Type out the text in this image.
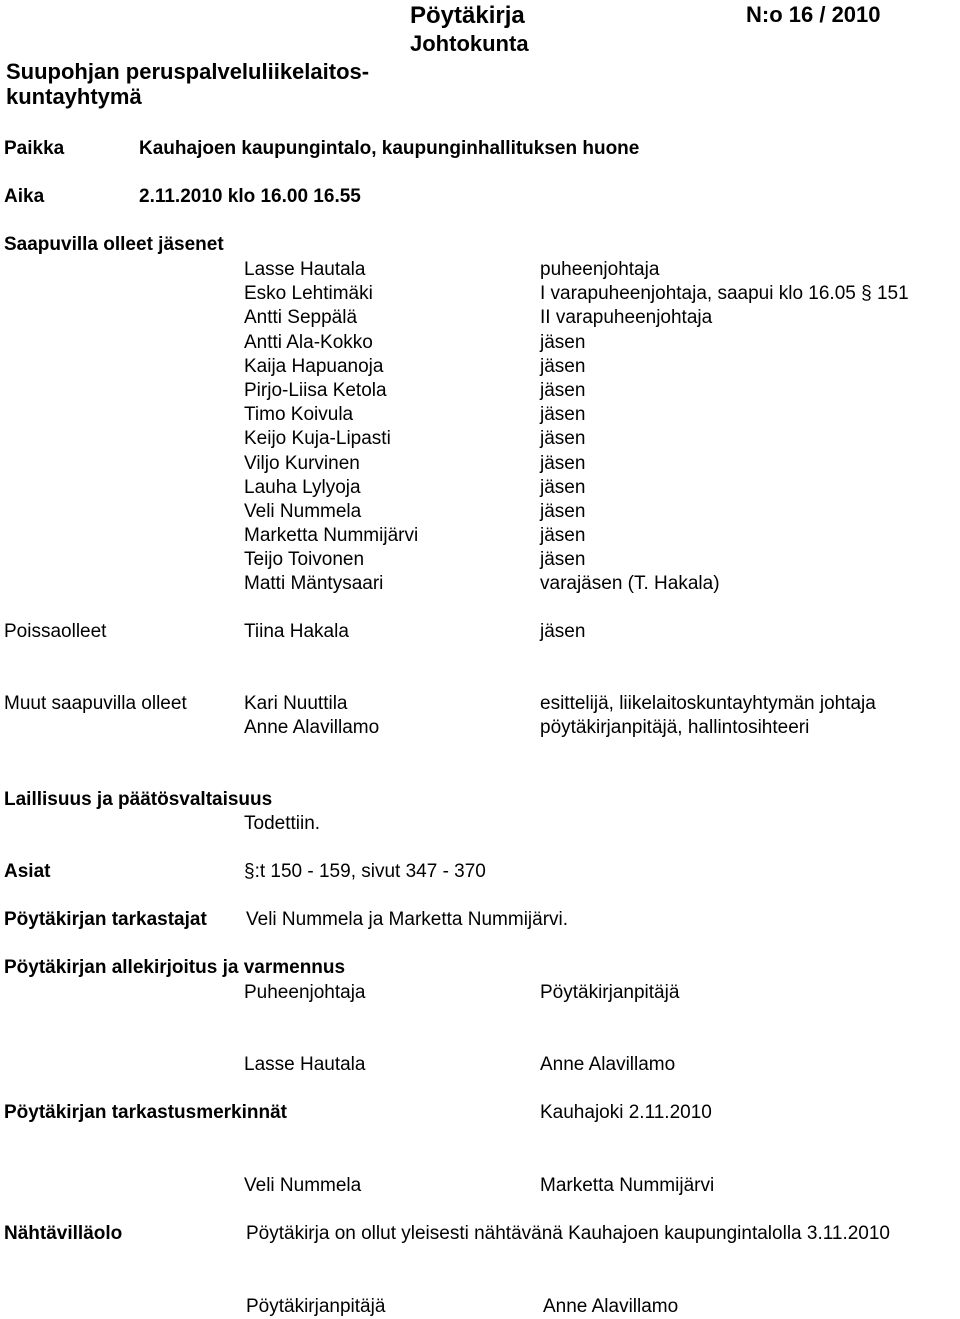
Pöytäkirja
Johtokunta
N:o 16 / 2010
Suupohjan peruspalveluliikelaitos-
kuntayhtymä
Paikka	Kauhajoen kaupungintalo, kaupunginhallituksen huone
Aika	2.11.2010 klo 16.00 16.55
Saapuvilla olleet jäsenet
Lasse Hautala	puheenjohtaja
Esko Lehtimäki	I varapuheenjohtaja, saapui klo 16.05 § 151
Antti Seppälä	II varapuheenjohtaja
Antti Ala-Kokko	jäsen
Kaija Hapuanoja	jäsen
Pirjo-Liisa Ketola	jäsen
Timo Koivula	jäsen
Keijo Kuja-Lipasti	jäsen
Viljo Kurvinen	jäsen
Lauha Lylyoja	jäsen
Veli Nummela	jäsen
Marketta Nummijärvi	jäsen
Teijo Toivonen	jäsen
Matti Mäntysaari	varajäsen (T. Hakala)
Poissaolleet	Tiina Hakala	jäsen
Muut saapuvilla olleet	Kari Nuuttila	esittelijä, liikelaitoskuntayhtymän johtaja
Anne Alavillamo	pöytäkirjanpitäjä, hallintosihteeri
Laillisuus ja päätösvaltaisuus
Todettiin.
Asiat	§:t 150 - 159, sivut 347 - 370
Pöytäkirjan tarkastajat Veli Nummela ja Marketta Nummijärvi.
Pöytäkirjan allekirjoitus ja varmennus
Puheenjohtaja	Pöytäkirjanpitäjä
Lasse Hautala	Anne Alavillamo
Pöytäkirjan tarkastusmerkinnät	Kauhajoki 2.11.2010
Veli Nummela	Marketta Nummijärvi
Nähtävilläolo	Pöytäkirja on ollut yleisesti nähtävänä Kauhajoen kaupungintalolla 3.11.2010
Pöytäkirjanpitäjä	Anne Alavillamo
